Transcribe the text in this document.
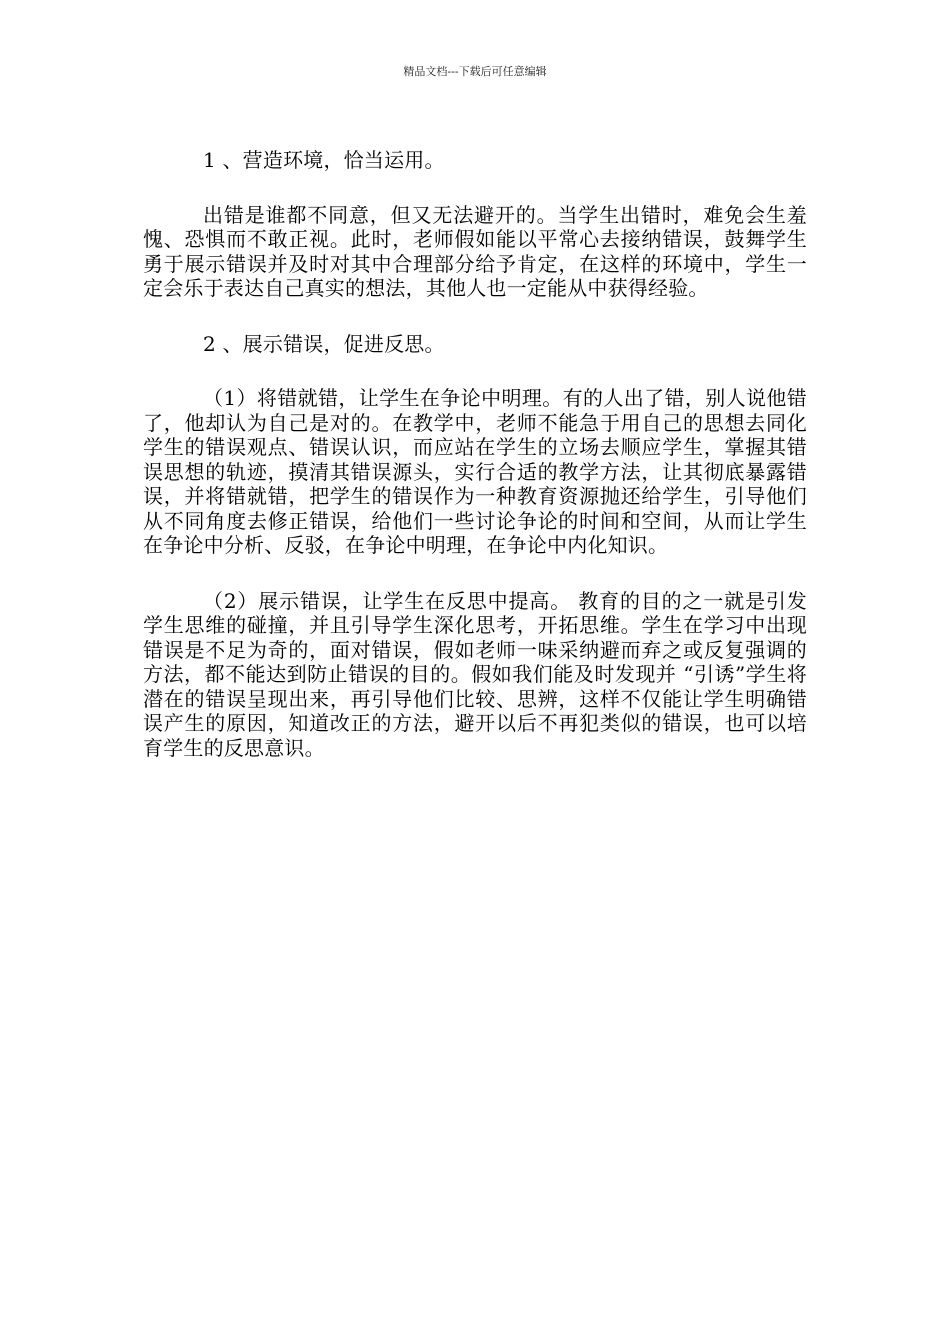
精品文档---下载后可任意编辑

1 、营造环境，恰当运用。

出错是谁都不同意，但又无法避开的。当学生出错时，难免会生羞愧、恐惧而不敢正视。此时，老师假如能以平常心去接纳错误，鼓舞学生勇于展示错误并及时对其中合理部分给予肯定，在这样的环境中，学生一定会乐于表达自己真实的想法，其他人也一定能从中获得经验。

2 、展示错误，促进反思。

（1）将错就错，让学生在争论中明理。有的人出了错，别人说他错了，他却认为自己是对的。在教学中，老师不能急于用自己的思想去同化学生的错误观点、错误认识，而应站在学生的立场去顺应学生，掌握其错误思想的轨迹，摸清其错误源头，实行合适的教学方法，让其彻底暴露错误，并将错就错，把学生的错误作为一种教育资源抛还给学生，引导他们从不同角度去修正错误，给他们一些讨论争论的时间和空间，从而让学生在争论中分析、反驳，在争论中明理，在争论中内化知识。

（2）展示错误，让学生在反思中提高。 教育的目的之一就是引发学生思维的碰撞，并且引导学生深化思考，开拓思维。学生在学习中出现错误是不足为奇的，面对错误，假如老师一味采纳避而弃之或反复强调的方法，都不能达到防止错误的目的。假如我们能及时发现并 “引诱”学生将潜在的错误呈现出来，再引导他们比较、思辨，这样不仅能让学生明确错误产生的原因，知道改正的方法，避开以后不再犯类似的错误，也可以培育学生的反思意识。
